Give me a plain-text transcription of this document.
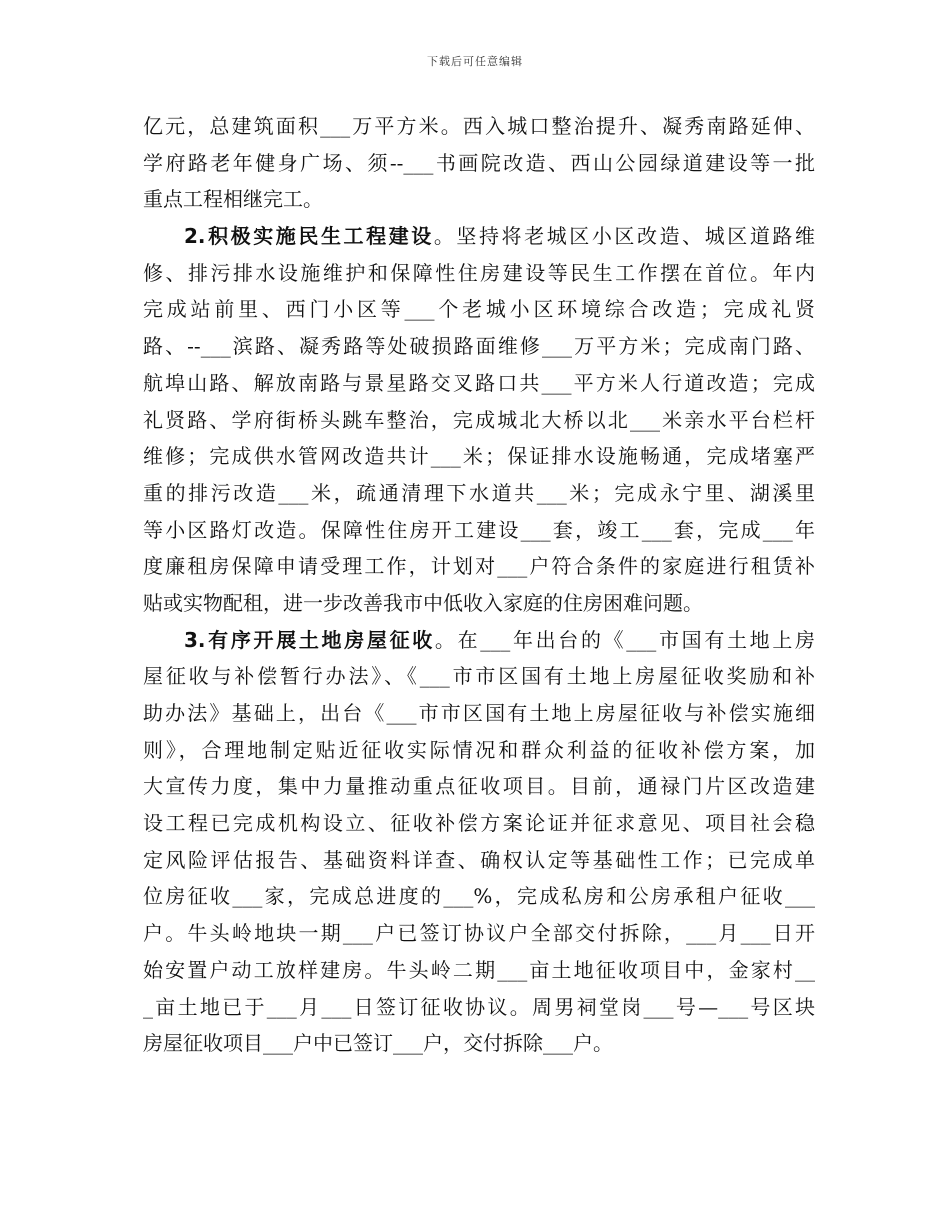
下载后可任意编辑
亿元，总建筑面积___万平方米。西入城口整治提升、凝秀南路延伸、
学府路老年健身广场、须--___书画院改造、西山公园绿道建设等一批
重点工程相继完工。
2.积极实施民生工程建设。坚持将老城区小区改造、城区道路维
修、排污排水设施维护和保障性住房建设等民生工作摆在首位。年内
完成站前里、西门小区等___个老城小区环境综合改造；完成礼贤
路、--___滨路、凝秀路等处破损路面维修___万平方米；完成南门路、
航埠山路、解放南路与景星路交叉路口共___平方米人行道改造；完成
礼贤路、学府街桥头跳车整治，完成城北大桥以北___米亲水平台栏杆
维修；完成供水管网改造共计___米；保证排水设施畅通，完成堵塞严
重的排污改造___米，疏通清理下水道共___米；完成永宁里、湖溪里
等小区路灯改造。保障性住房开工建设___套，竣工___套，完成___年
度廉租房保障申请受理工作，计划对___户符合条件的家庭进行租赁补
贴或实物配租，进一步改善我市中低收入家庭的住房困难问题。
3.有序开展土地房屋征收。在___年出台的《___市国有土地上房
屋征收与补偿暂行办法》、《___市市区国有土地上房屋征收奖励和补
助办法》基础上，出台《___市市区国有土地上房屋征收与补偿实施细
则》，合理地制定贴近征收实际情况和群众利益的征收补偿方案，加
大宣传力度，集中力量推动重点征收项目。目前，通禄门片区改造建
设工程已完成机构设立、征收补偿方案论证并征求意见、项目社会稳
定风险评估报告、基础资料详查、确权认定等基础性工作；已完成单
位房征收___家，完成总进度的___%，完成私房和公房承租户征收___
户。牛头岭地块一期___户已签订协议户全部交付拆除，___月___日开
始安置户动工放样建房。牛头岭二期___亩土地征收项目中，金家村__
_亩土地已于___月___日签订征收协议。周男祠堂岗___号—___号区块
房屋征收项目___户中已签订___户，交付拆除___户。
